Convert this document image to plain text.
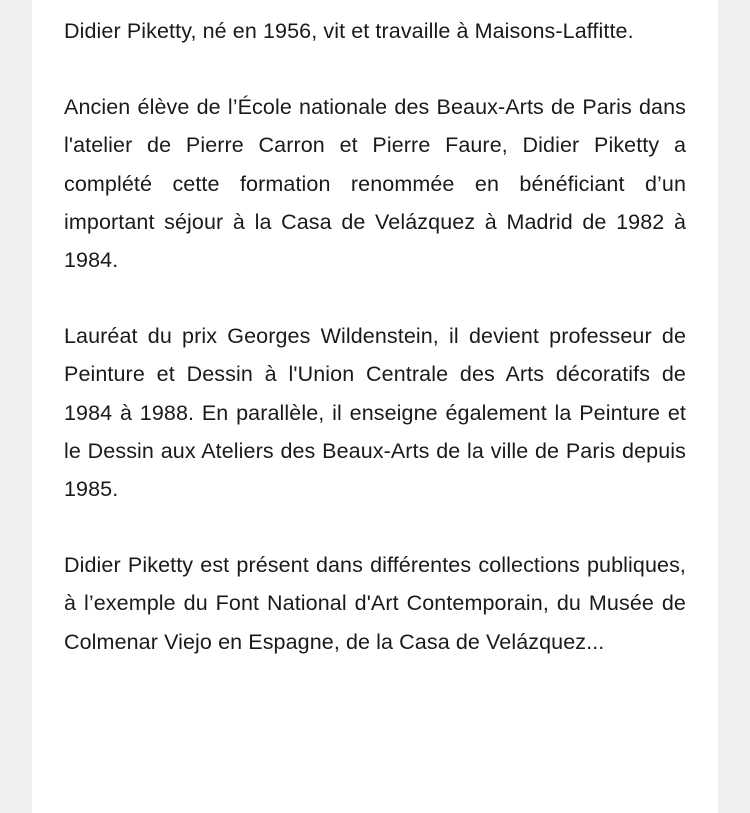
Didier Piketty, né en 1956, vit et travaille à Maisons-Laffitte.

Ancien élève de l’École nationale des Beaux-Arts de Paris dans l'atelier de Pierre Carron et Pierre Faure, Didier Piketty a complété cette formation renommée en bénéficiant d’un important séjour à la Casa de Velázquez à Madrid de 1982 à 1984.

Lauréat du prix Georges Wildenstein, il devient professeur de Peinture et Dessin à l'Union Centrale des Arts décoratifs de 1984 à 1988. En parallèle, il enseigne également la Peinture et le Dessin aux Ateliers des Beaux-Arts de la ville de Paris depuis 1985.

Didier Piketty est présent dans différentes collections publiques, à l’exemple du Font National d'Art Contemporain, du Musée de Colmenar Viejo en Espagne, de la Casa de Velázquez...
